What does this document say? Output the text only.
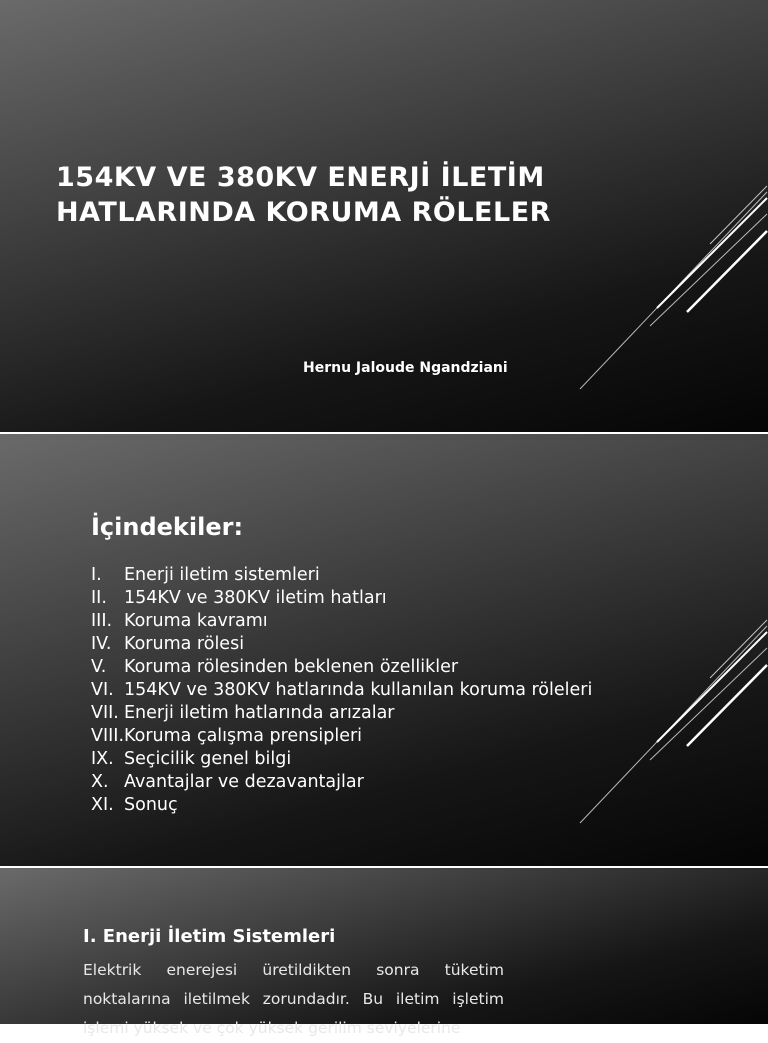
154KV VE 380KV ENERJİ İLETİM
HATLARINDA KORUMA RÖLELER
Hernu Jaloude Ngandziani
İçindekiler:
I.	Enerji iletim sistemleri
II. 154KV ve 380KV iletim hatları
III. Koruma kavramı
IV. Koruma rölesi
V.	Koruma rölesinden beklenen özellikler
VI. 154KV ve 380KV hatlarında kullanılan koruma röleleri
VII. Enerji iletim hatlarında arızalar
VIII. Koruma çalışma prensipleri
IX. Seçicilik genel bilgi
X. Avantajlar ve dezavantajlar
XI. Sonuç
I. Enerji İletim Sistemleri

Elektrik enerejesi üretildikten sonra tüketim noktalarına iletilmek zorundadır. Bu iletim işletim işlemi yüksek ve çok yüksek gerilim seviyelerine
